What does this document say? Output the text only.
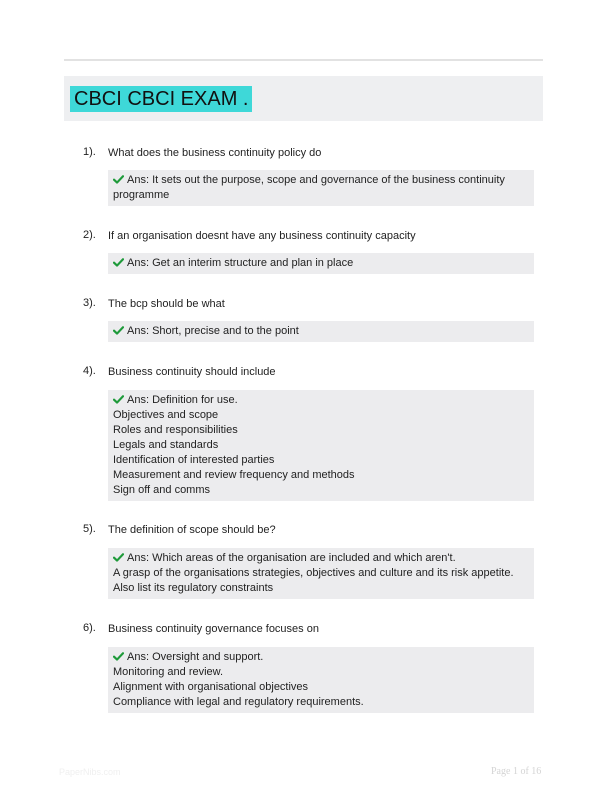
CBCI CBCI EXAM .
1). What does the business continuity policy do
Ans: It sets out the purpose, scope and governance of the business continuity
programme
2). If an organisation doesnt have any business continuity capacity
Ans: Get an interim structure and plan in place
3). The bcp should be what
Ans: Short, precise and to the point
4). Business continuity should include
Ans: Definition for use.
Objectives and scope
Roles and responsibilities
Legals and standards
Identification of interested parties
Measurement and review frequency and methods
Sign off and comms
5). The definition of scope should be?
Ans: Which areas of the organisation are included and which aren't.
A grasp of the organisations strategies, objectives and culture and its risk appetite.
Also list its regulatory constraints
6). Business continuity governance focuses on
Ans: Oversight and support.
Monitoring and review.
Alignment with organisational objectives
Compliance with legal and regulatory requirements.
PaperNibs.com	Page 1 of 16
